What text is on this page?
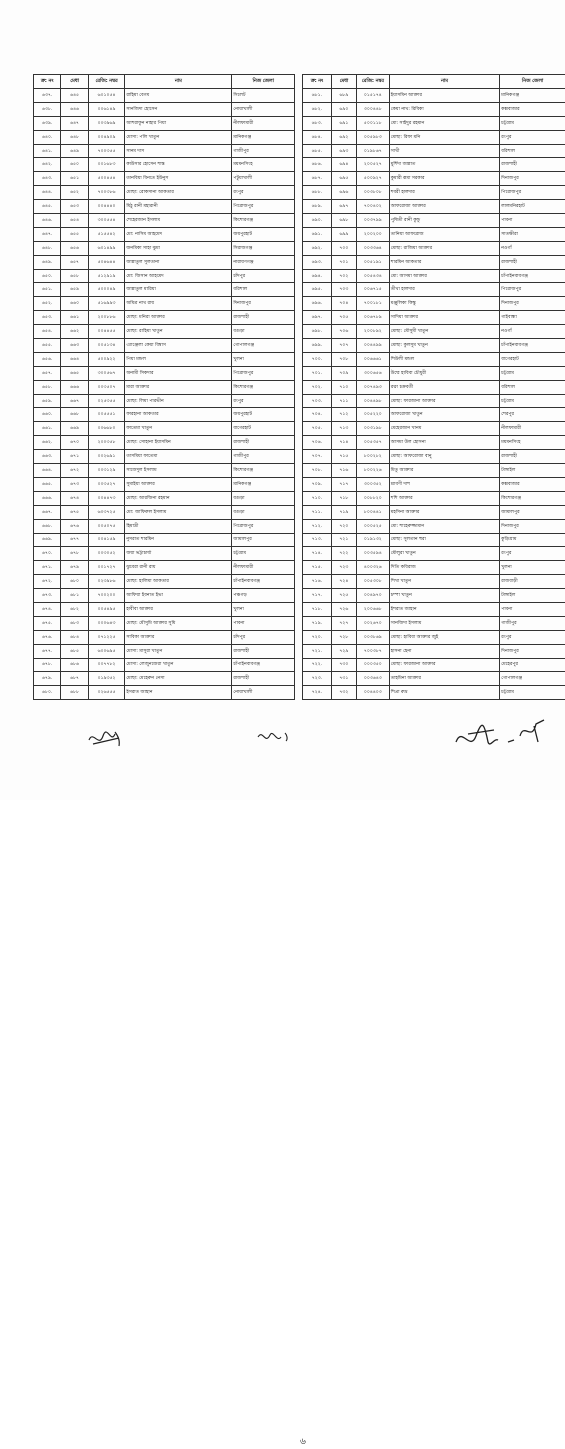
ক্র: নং	মেধা	রেজি: নম্বর	নাম	নিজ জেলা
৬৩৭.	৬৪৫	৬০১০৫৪	রাহিমা বেগম	সিলেট
৬৩৮.	৬৪৬	০০৬১৪৯	সানজিদা হোসেন	নোয়াখালী
৬৩৯.	৬৪৭	০০৩৯৬৯	আশরাফুন নাহার পিয়া	নীলফামারী
৬৪০.	৬৪৮	০০৪৯০৯	মোসা: পলি খাতুন	মানিকগঞ্জ
৬৪১.	৬৪৯	৭০০৩৫৫	সানম দাস	গাজীপুর
৬৪২.	৬৫০	০০১৬৮৩	কাউসার হোসেন শান্ত	ময়মনসিংহ
৬৪৩.	৬৫১	৫০০৪৫৪	তানবিয়া বিনতে ইউনুস	পটুয়াখালী
৬৪৪.	৬৫২	৭০০৩৮৬	মোছা: রোকসানা আকতার	রংপুর
৬৪৫.	৬৫৩	০০৪৪৪০	মিঠু রানী মহারানী	পিরোজপুর
৬৪৬.	৬৫৪	৩০০৫৫৪	শেহেরজান ইসলাম	কিশোরগঞ্জ
৬৪৭.	৬৫৫	৫১৫৫৪২	মো: নাসিম আহমেদ	জয়পুরহাট
৬৪৮.	৬৫৬	৬০১৪৯৯	জনমিকা সাহা ঝুমা	সিরাজগঞ্জ
৬৪৯.	৬৫৭	৫০৪৬৪৪	জান্নাতুল সুলতানা	নারায়ণগঞ্জ
৬৫০.	৬৫৮	৫১২৯১৯	মো: জিসান আহমেদ	চাঁদপুর
৬৫১.	৬৫৯	৫০০০৪৯	জান্নাতুল মারিয়া	বরিশাল
৬৫২.	৬৬০	৫১৬৯৯৩	অমিত্র নাথ রায়	দিনাজপুর
৬৫৩.	৬৬১	২০০৮৮৬	মোছা: মনিরা আক্তার	রাজশাহী
৬৫৪.	৬৬২	০০৪৪৫৫	মোছা: রাহিমা খাতুন	বগুড়া
৬৫৫.	৬৬৩	০০৫১৩৪	এ্যাঞ্জেলা কেয়া বিশ্বাস	গোপালগঞ্জ
৬৫৬.	৬৬৪	৫০০৯২২	পিয়া মন্ডল	খুলনা
৬৫৭.	৬৬৫	৩০০৫৬৭	অনামী সিকদার	পিরোজপুর
৬৫৮.	৬৬৬	০০৩৫০৭	মারা আক্তার	কিশোরগঞ্জ
৬৫৯.	৬৬৭	০২৫৩৫৫	মোছা: লিমা পারভীন	রংপুর
৬৬০.	৬৬৮	০০৫৫৫১	ফারহানা আকতার	জয়পুরহাট
৬৬১.	৬৬৯	০০৬৬৮০	ফাতেমা খাতুন	বাগেরহাট
৬৬২.	৬৭০	২০০৩৫৮	মোছা: সোহানা ইয়াসমিন	রাজশাহী
৬৬৩.	৬৭১	০০২৬৯১	তাসমিয়া ফাতেমা	গাজীপুর
৬৬৪.	৬৭২	০০৩১২৯	সাজেদুল ইসলাম	কিশোরগঞ্জ
৬৬৫.	৬৭৩	০০৩৫২৭	সুমাইয়া আক্তার	মানিকগঞ্জ
৬৬৬.	৬৭৪	০০৪৪৭৩	মোছা: আরজিনা রহমান	বগুড়া
৬৬৭.	৬৭৫	৬০৩৭২৫	মো: জাফিরুল ইসলাম	বগুড়া
৬৬৮.	৬৭৬	০০৫০৭৫	হিমাদ্রী	পিরোজপুর
৬৬৯.	৬৭৭	০০৪১৫৯	নুসরাত শারমিন	জামালপুর
৬৭০.	৬৭৮	০০৩০৫২	জয়া ভট্টাচার্য্য	চট্টগ্রাম
৬৭১.	৬৭৯	০০১৭২৭	ঝুবেরা রানী রায়	নীলফামারী
৬৭২.	৬৮০	০২৩৯৮৬	মোছা: হালিমা আকতার	চাঁপাইনবাবগঞ্জ
৬৭৩.	৬৮১	৭০০২০০	আফিয়া ইবনাত ইভা	পঞ্চগড়
৬৭৪.	৬৮২	০০৫৪৯৫	হাবীবা আক্তার	খুলনা
৬৭৫.	৬৮৩	০০০৬৪৩	মোছা: মৌসুমি আক্তার সুমি	পাবনা
৬৭৬.	৬৮৪	০৭১২২৫	সাবিকা আক্তার	চাঁদপুর
৬৭৭.	৬৮৫	৬০০৬৯৫	মোসা: মাসুরা খাতুন	রাজশাহী
৬৭৮.	৬৮৬	০০৭৭৮২	মোসা: লেজুনজেরা খাতুন	চাঁপাইনবাবগঞ্জ
৬৭৯.	৬৮৭	০১৯৩৫২	মোছা: মেহেরুন নেসা	রাজশাহী
৬৮০.	৬৮৮	০২৬৫৫৫	ইসরাত জাহান	নোয়াখালী
ক্র: নং	মেধা	রেজি: নম্বর	নাম	নিজ জেলা
৬৮১.	৬৮৯	০১৫১৭৪	ইয়াসমিন আক্তার	মানিকগঞ্জ
৬৮২.	৬৯০	৩০০৪৪৮	কেয়া নাথ: রিবিকা	কক্সবাজার
৬৮৩.	৬৯১	৫০০১১৮	মো: সাইদুর রহমান	চট্টগ্রাম
৬৮৪.	৬৯২	০০৫৯৮৩	মোছা: রিফা মনি	রংপুর
৬৮৫.	৬৯৩	০১৯৮৬৭	সাথী	বরিশাল
৬৮৬.	৬৯৪	২০০৫২৭	মুর্শিদা জান্নাত	রাজশাহী
৬৮৭.	৬৯৫	৫০০৯২৭	কুমারী রূমা সরকার	দিনাজপুর
৬৮৮.	৬৯৬	০০৩৮০৮	শবরী হালদার	পিরোজপুর
৬৮৯.	৬৯৭	৭০০৪০২	আফরোজা আক্তার	লালমনিরহাট
৬৯০.	৬৯৮	০০৩৭৯৯	পুষিতী রানী কুন্ডু	পাবনা
৬৯১.	৬৯৯	২০০২০০	তানিয়া আফরোজ	সাতক্ষীরা
৬৯২.	৭০০	০০৩৩৬৪	মোছা: রাজিয়া আক্তার	নওগাঁ
৬৯৩.	৭০১	০০৫১৯১	শারমিন আকতার	রাজশাহী
৬৯৪.	৭০২	০০৫৪৩৪	মো: আসমা আক্তার	চাঁপাইনবাবগঞ্জ
৬৯৫.	৭০৩	০০৬৭১৫	তীথা হালদার	পিরোজপুর
৬৯৬.	৭০৪	৭০০১৮১	মঞ্জুলিকা কিস্কু	দিনাজপুর
৬৯৭.	৭০৫	০০৬৭৮৯	সাদিয়া আক্তার	গাইবান্ধা
৬৯৮.	৭০৬	২০০৮৯২	মোছা: মৌসুমী খাতুন	নওগাঁ
৬৯৯.	৭০৭	০০৪৪৯৯	মোছা: কুলসুম খাতুন	চাঁপাইনবাবগঞ্জ
৭০০.	৭০৮	০০৬৬৬১	শিউলী মন্ডল	বাগেরহাট
৭০১.	৭০৯	৩০০৬৫৬	উম্মে হাবিবা চৌধুরী	চট্টগ্রাম
৭০২.	৭১০	০০৭৪৯৩	রত্না চক্রবর্তী	বরিশাল
৭০৩.	৭১১	০০৪৪৯৮	মোছা: ফারজানা আক্তার	চট্টগ্রাম
৭০৪.	৭১২	০০৫২২০	আফরোজা খাতুন	শেরপুর
৭০৫.	৭১৩	০০৩১৯৮	মেহেরজান খানম	নীলফামারী
৭০৬.	৭১৪	০০৫৩৫৭	আসমা উল হোসনা	ময়মনসিংহ
৭০৭.	৭১৫	৮০০২৮২	মোছা: আফরোজা বানু	রাজশাহী
৭০৮.	৭১৬	৮০০২২৬	মিতু আক্তার	টাঙ্গাইল
৭০৯.	৭১৭	৩০০৩৫২	শ্রাবণী দাশ	কক্সবাজার
৭১০.	৭১৮	০০৮৮২০	শশি আক্তার	কিশোরগঞ্জ
৭১১.	৭১৯	৮০০৪৪১	মহসিনা আক্তার	জামালপুর
৭১২.	৭২০	০০০৫২৫	মো: শাহেরুজ্জামান	দিনাজপুর
৭১৩.	৭২১	০১৯১৩২	মোছা: সুলতান হুরা	কুড়িগ্রাম
৭১৪.	৭২২	০০৩৫৯৪	মৌলুরা খাতুন	রংপুর
৭১৫.	৭২৩	৪০০৩২৬	দিতি কবিরাজ	খুলনা
৭১৬.	৭২৪	০০৫৩০৮	শিখা খাতুন	রাজবাড়ী
৭১৭.	৭২৫	০০৪৯৭০	চম্পা খাতুন	টাঙ্গাইল
৭১৮.	৭২৬	২০০৬৬৮	ইশরাত জাহান	পাবনা
৭১৯.	৭২৭	০০২৬৭০	সানজিদা ইসলাম	গাজীপুর
৭২০.	৭২৮	০০৩৮৬৯	মোছা: হাবিবা আক্তার জুই	রংপুর
৭২১.	৭২৯	৭০০৩৮৭	হাসনা হেনা	দিনাজপুর
৭২২.	৭৩০	০০০৩৫০	মোছা: ফারজানা আক্তার	মেহেরপুর
৭২৩.	৭৩১	০০৩৬৪৩	তাহমিনা আক্তার	গোপালগঞ্জ
৭২৪.	৭৩২	০০৪৪০৩	শিপ্রা রুদ্র	চট্টগ্রাম
৬
